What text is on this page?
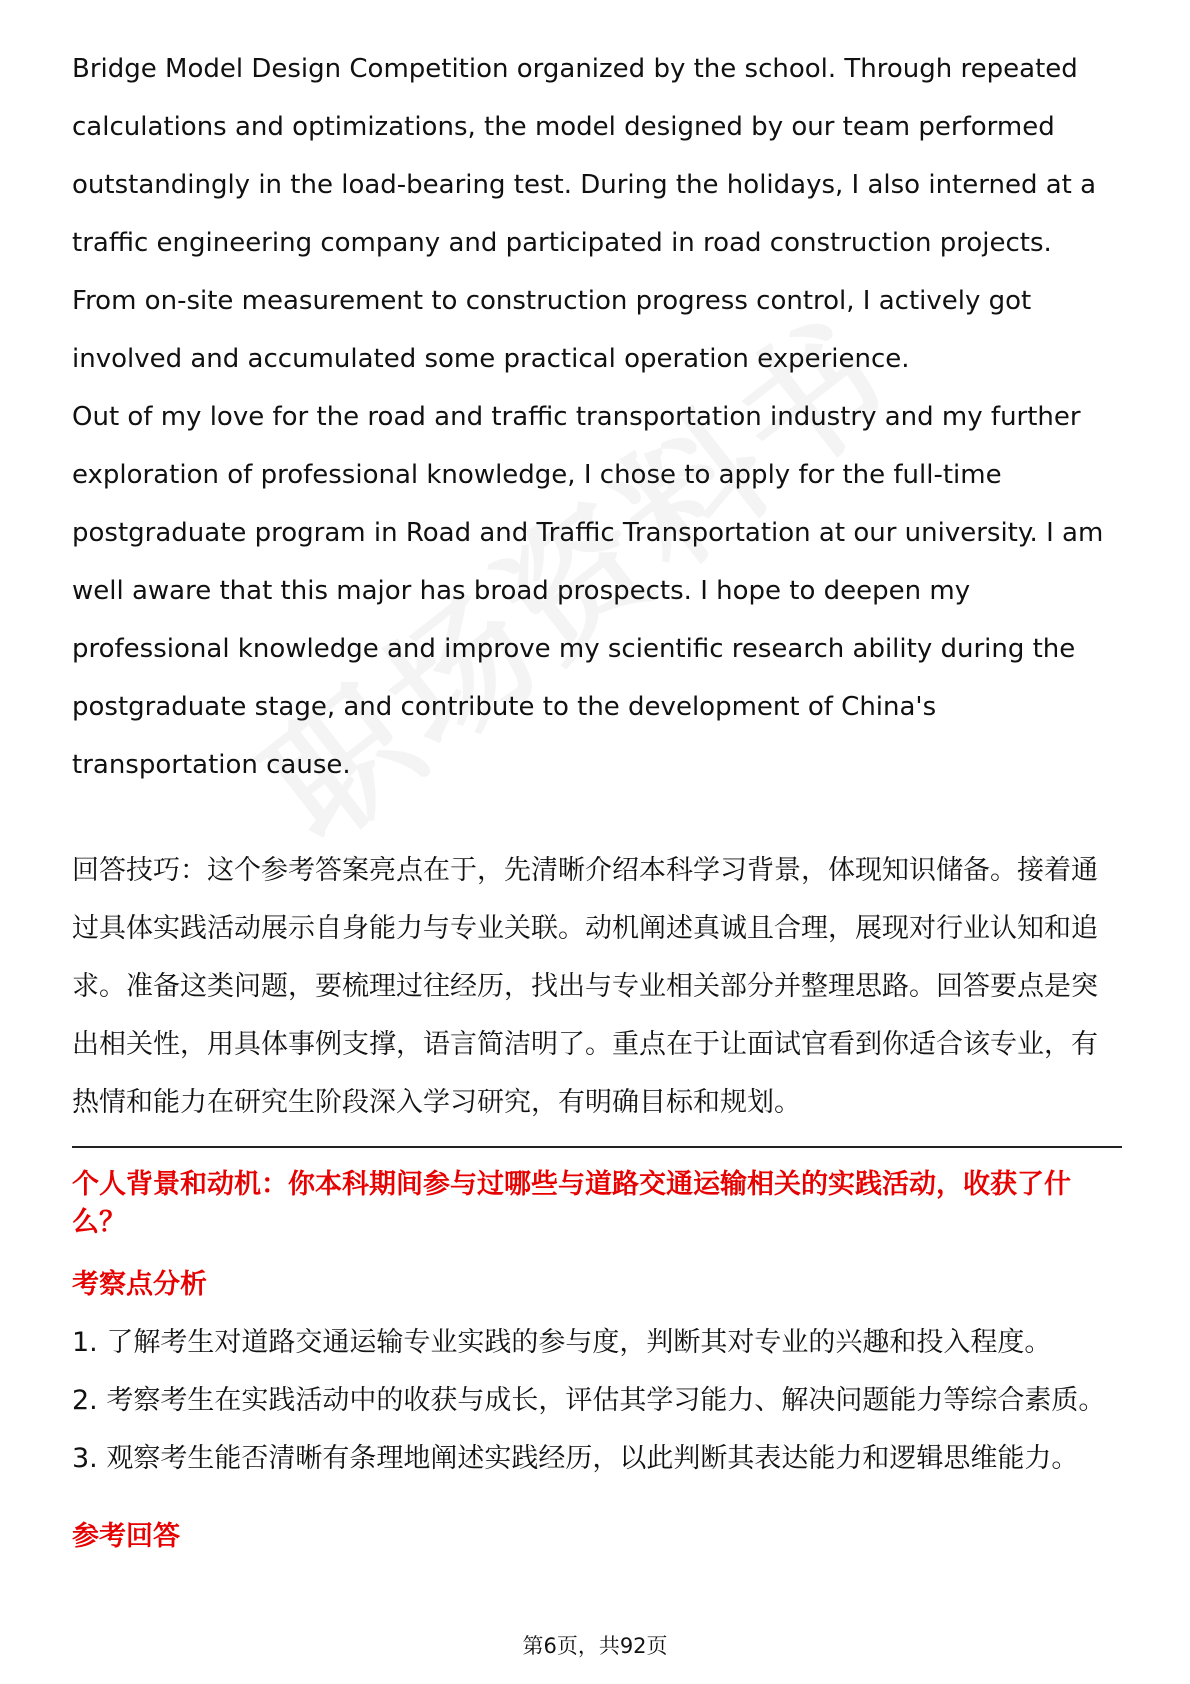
Bridge Model Design Competition organized by the school. Through repeated calculations and optimizations, the model designed by our team performed outstandingly in the load-bearing test. During the holidays, I also interned at a traffic engineering company and participated in road construction projects. From on-site measurement to construction progress control, I actively got involved and accumulated some practical operation experience.

Out of my love for the road and traffic transportation industry and my further exploration of professional knowledge, I chose to apply for the full-time postgraduate program in Road and Traffic Transportation at our university. I am well aware that this major has broad prospects. I hope to deepen my professional knowledge and improve my scientific research ability during the postgraduate stage, and contribute to the development of China's transportation cause.

回答技巧：这个参考答案亮点在于，先清晰介绍本科学习背景，体现知识储备。接着通过具体实践活动展示自身能力与专业关联。动机阐述真诚且合理，展现对行业认知和追求。准备这类问题，要梳理过往经历，找出与专业相关部分并整理思路。回答要点是突出相关性，用具体事例支撑，语言简洁明了。重点在于让面试官看到你适合该专业，有热情和能力在研究生阶段深入学习研究，有明确目标和规划。

个人背景和动机：你本科期间参与过哪些与道路交通运输相关的实践活动，收获了什么？

考察点分析

1. 了解考生对道路交通运输专业实践的参与度，判断其对专业的兴趣和投入程度。

2. 考察考生在实践活动中的收获与成长，评估其学习能力、解决问题能力等综合素质。

3. 观察考生能否清晰有条理地阐述实践经历，以此判断其表达能力和逻辑思维能力。

参考回答

第6页，共92页
